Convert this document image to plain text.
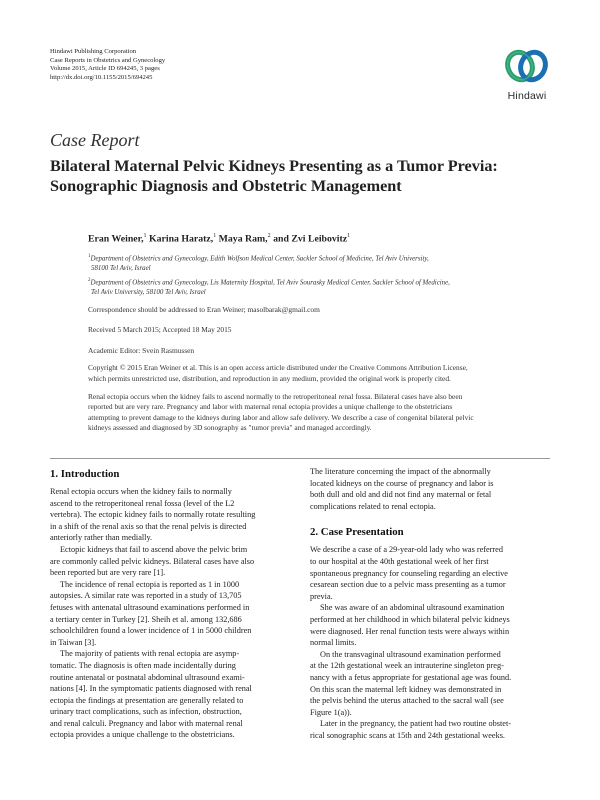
Hindawi Publishing Corporation
Case Reports in Obstetrics and Gynecology
Volume 2015, Article ID 694245, 3 pages
http://dx.doi.org/10.1155/2015/694245
Hindawi
Case Report
Bilateral Maternal Pelvic Kidneys Presenting as a Tumor Previa:
Sonographic Diagnosis and Obstetric Management
Eran Weiner,$^1$ Karina Haratz,$^1$ Maya Ram,$^2$ and Zvi Leibovitz$^1$
$^1$Department of Obstetrics and Gynecology, Edith Wolfson Medical Center, Sackler School of Medicine, Tel Aviv University,
58100 Tel Aviv, Israel
$^2$Department of Obstetrics and Gynecology, Lis Maternity Hospital, Tel Aviv Sourasky Medical Center, Sackler School of Medicine,
Tel Aviv University, 58100 Tel Aviv, Israel
Correspondence should be addressed to Eran Weiner; masolbarak@gmail.com
Received 5 March 2015; Accepted 18 May 2015
Academic Editor: Svein Rasmussen
Copyright © 2015 Eran Weiner et al. This is an open access article distributed under the Creative Commons Attribution License,
which permits unrestricted use, distribution, and reproduction in any medium, provided the original work is properly cited.
Renal ectopia occurs when the kidney fails to ascend normally to the retroperitoneal renal fossa. Bilateral cases have also been
reported but are very rare. Pregnancy and labor with maternal renal ectopia provides a unique challenge to the obstetricians
attempting to prevent damage to the kidneys during labor and allow safe delivery. We describe a case of congenital bilateral pelvic
kidneys assessed and diagnosed by 3D sonography as "tumor previa" and managed accordingly.
1. Introduction
Renal ectopia occurs when the kidney fails to normally
ascend to the retroperitoneal renal fossa (level of the L2
vertebra). The ectopic kidney fails to normally rotate resulting
in a shift of the renal axis so that the renal pelvis is directed
anteriorly rather than medially.
Ectopic kidneys that fail to ascend above the pelvic brim
are commonly called pelvic kidneys. Bilateral cases have also
been reported but are very rare [1].
The incidence of renal ectopia is reported as 1 in 1000
autopsies. A similar rate was reported in a study of 13,705
fetuses with antenatal ultrasound examinations performed in
a tertiary center in Turkey [2]. Sheih et al. among 132,686
schoolchildren found a lower incidence of 1 in 5000 children
in Taiwan [3].
The majority of patients with renal ectopia are asymp-
tomatic. The diagnosis is often made incidentally during
routine antenatal or postnatal abdominal ultrasound exami-
nations [4]. In the symptomatic patients diagnosed with renal
ectopia the findings at presentation are generally related to
urinary tract complications, such as infection, obstruction,
and renal calculi. Pregnancy and labor with maternal renal
ectopia provides a unique challenge to the obstetricians.
The literature concerning the impact of the abnormally
located kidneys on the course of pregnancy and labor is
both dull and old and did not find any maternal or fetal
complications related to renal ectopia.
2. Case Presentation
We describe a case of a 29-year-old lady who was referred
to our hospital at the 40th gestational week of her first
spontaneous pregnancy for counseling regarding an elective
cesarean section due to a pelvic mass presenting as a tumor
previa.
She was aware of an abdominal ultrasound examination
performed at her childhood in which bilateral pelvic kidneys
were diagnosed. Her renal function tests were always within
normal limits.
On the transvaginal ultrasound examination performed
at the 12th gestational week an intrauterine singleton preg-
nancy with a fetus appropriate for gestational age was found.
On this scan the maternal left kidney was demonstrated in
the pelvis behind the uterus attached to the sacral wall (see
Figure 1(a)).
Later in the pregnancy, the patient had two routine obstet-
rical sonographic scans at 15th and 24th gestational weeks.
